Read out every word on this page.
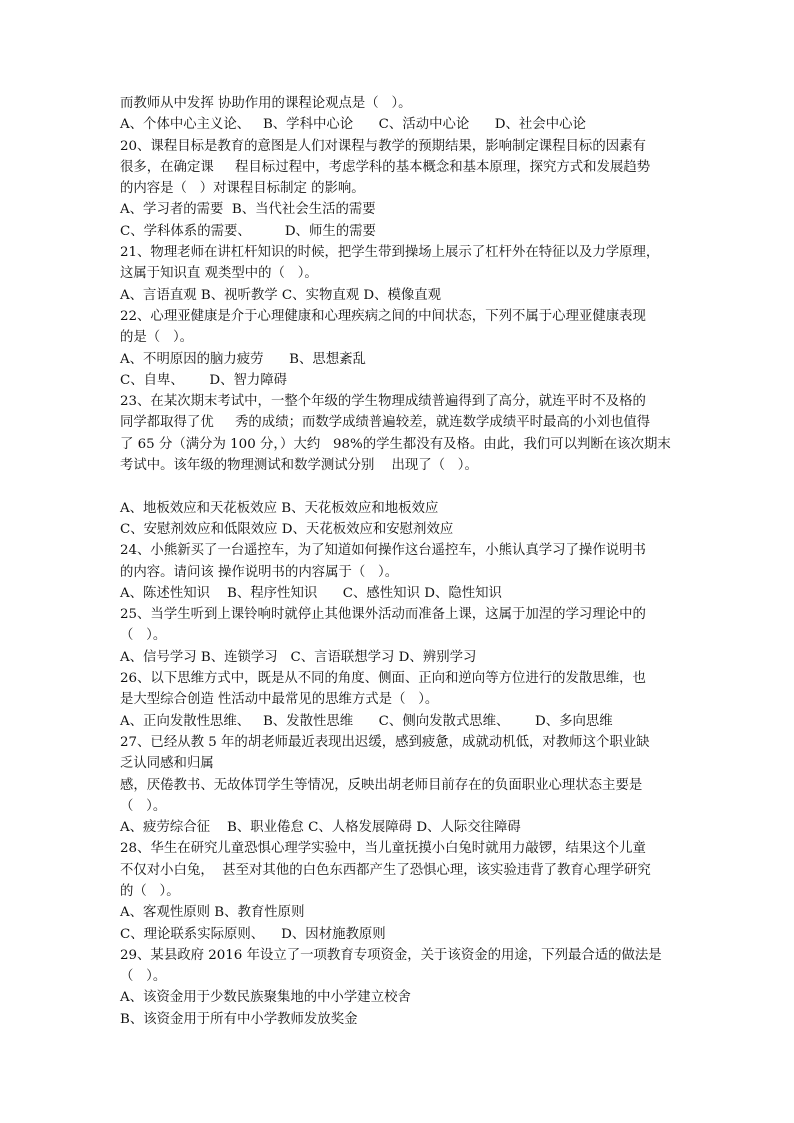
而教师从中发挥 协助作用的课程论观点是（   ）。
A、个体中心主义论、   B、学科中心论      C、活动中心论      D、社会中心论
20、课程目标是教育的意图是人们对课程与教学的预期结果，影响制定课程目标的因素有
很多，在确定课     程目标过程中，考虑学科的基本概念和基本原理，探究方式和发展趋势
的内容是（   ）对课程目标制定 的影响。
A、学习者的需要  B、当代社会生活的需要
C、学科体系的需要、        D、师生的需要
21、物理老师在讲杠杆知识的时候，把学生带到操场上展示了杠杆外在特征以及力学原理，
这属于知识直 观类型中的（   ）。
A、言语直观 B、视听教学 C、实物直观 D、模像直观
22、心理亚健康是介于心理健康和心理疾病之间的中间状态，下列不属于心理亚健康表现
的是（   ）。
A、不明原因的脑力疲劳      B、思想紊乱
C、自卑、      D、智力障碍
23、在某次期末考试中，一整个年级的学生物理成绩普遍得到了高分，就连平时不及格的
同学都取得了优     秀的成绩；而数学成绩普遍较差，就连数学成绩平时最高的小刘也值得
了 65 分（满分为 100 分，）大约   98%的学生都没有及格。由此，我们可以判断在该次期末
考试中。该年级的物理测试和数学测试分别    出现了（   ）。
A、地板效应和天花板效应 B、天花板效应和地板效应
C、安慰剂效应和低限效应 D、天花板效应和安慰剂效应
24、小熊新买了一台遥控车，为了知道如何操作这台遥控车，小熊认真学习了操作说明书
的内容。请问该 操作说明书的内容属于（   ）。
A、陈述性知识    B、程序性知识      C、感性知识 D、隐性知识
25、当学生听到上课铃响时就停止其他课外活动而准备上课，这属于加涅的学习理论中的
（   ）。
A、信号学习 B、连锁学习   C、言语联想学习 D、辨别学习
26、以下思维方式中，既是从不同的角度、侧面、正向和逆向等方位进行的发散思维，也
是大型综合创造 性活动中最常见的思维方式是（   ）。
A、正向发散性思维、   B、发散性思维      C、侧向发散式思维、      D、多向思维
27、已经从教 5 年的胡老师最近表现出迟缓，感到疲惫，成就动机低，对教师这个职业缺
乏认同感和归属
感，厌倦教书、无故体罚学生等情况，反映出胡老师目前存在的负面职业心理状态主要是
（   ）。
A、疲劳综合征    B、职业倦怠 C、人格发展障碍 D、人际交往障碍
28、华生在研究儿童恐惧心理学实验中，当儿童抚摸小白兔时就用力敲锣，结果这个儿童
不仅对小白兔，  甚至对其他的白色东西都产生了恐惧心理，该实验违背了教育心理学研究
的（   ）。
A、客观性原则 B、教育性原则
C、理论联系实际原则、    D、因材施教原则
29、某县政府 2016 年设立了一项教育专项资金，关于该资金的用途，下列最合适的做法是
（   ）。
A、该资金用于少数民族聚集地的中小学建立校舍
B、该资金用于所有中小学教师发放奖金
